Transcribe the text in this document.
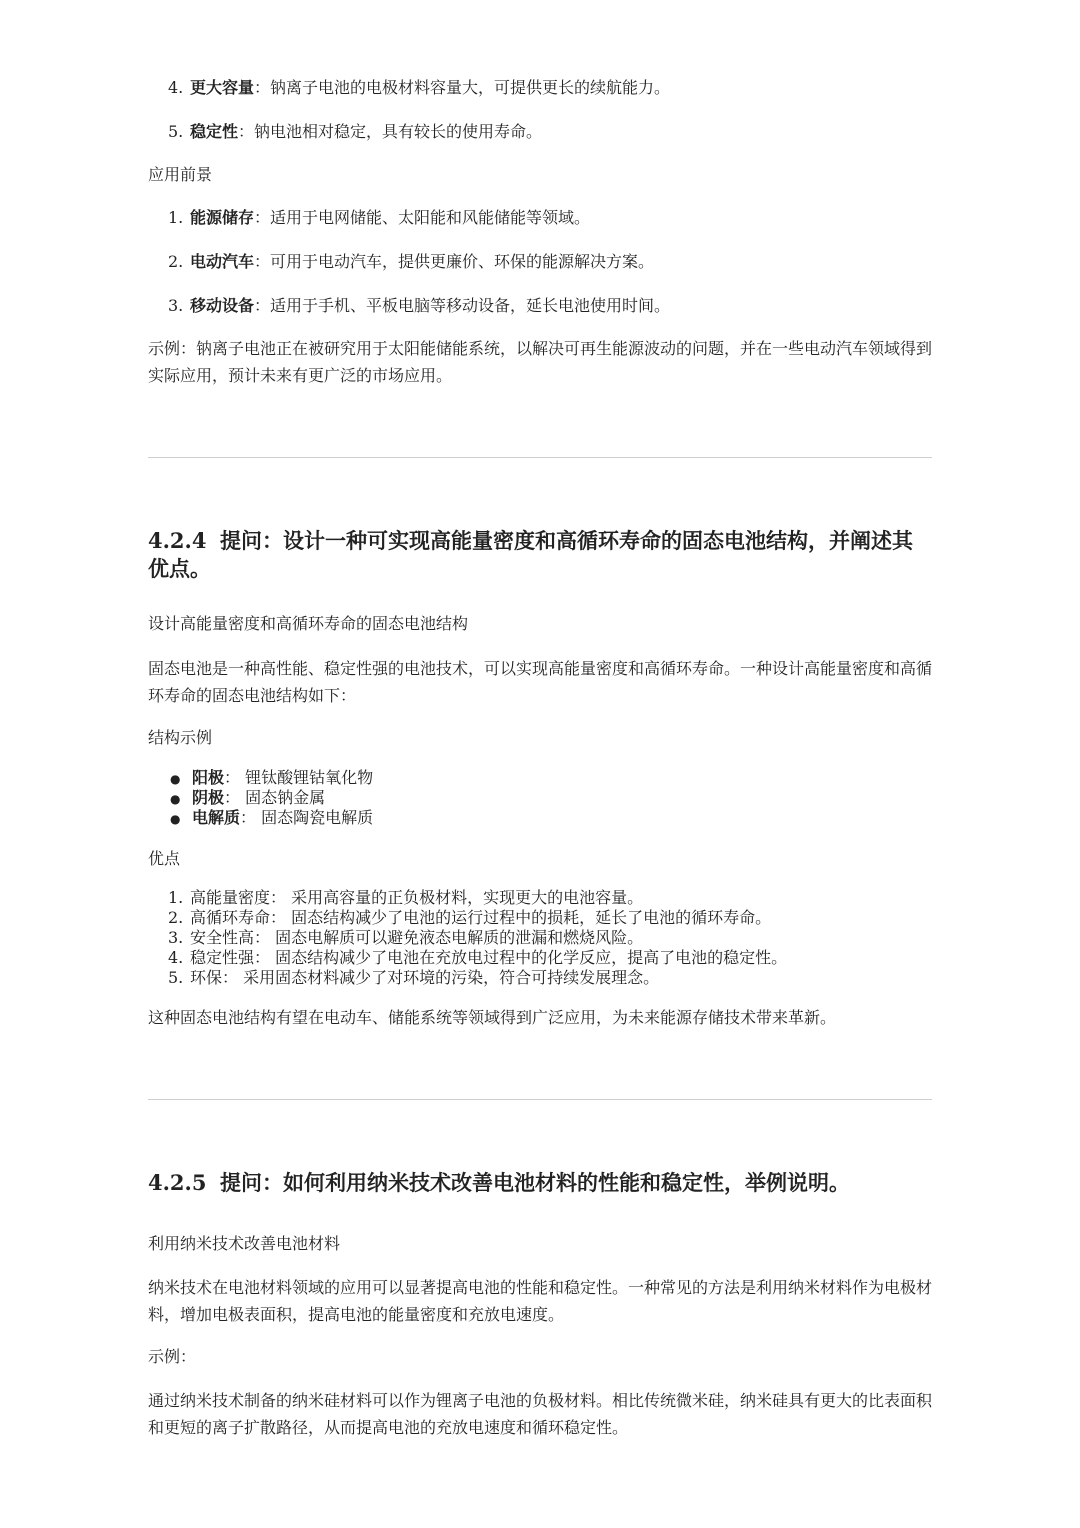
4. 更大容量：钠离子电池的电极材料容量大，可提供更长的续航能力。
5. 稳定性：钠电池相对稳定，具有较长的使用寿命。
应用前景
1. 能源储存：适用于电网储能、太阳能和风能储能等领域。
2. 电动汽车：可用于电动汽车，提供更廉价、环保的能源解决方案。
3. 移动设备：适用于手机、平板电脑等移动设备，延长电池使用时间。
示例：钠离子电池正在被研究用于太阳能储能系统，以解决可再生能源波动的问题，并在一些电动汽车领域得到实际应用，预计未来有更广泛的市场应用。
4.2.4 提问：设计一种可实现高能量密度和高循环寿命的固态电池结构，并阐述其优点。
设计高能量密度和高循环寿命的固态电池结构
固态电池是一种高性能、稳定性强的电池技术，可以实现高能量密度和高循环寿命。一种设计高能量密度和高循环寿命的固态电池结构如下：
结构示例
● 阳极： 锂钛酸锂钴氧化物
● 阴极： 固态钠金属
● 电解质： 固态陶瓷电解质
优点
1. 高能量密度： 采用高容量的正负极材料，实现更大的电池容量。
2. 高循环寿命： 固态结构减少了电池的运行过程中的损耗，延长了电池的循环寿命。
3. 安全性高： 固态电解质可以避免液态电解质的泄漏和燃烧风险。
4. 稳定性强： 固态结构减少了电池在充放电过程中的化学反应，提高了电池的稳定性。
5. 环保： 采用固态材料减少了对环境的污染，符合可持续发展理念。
这种固态电池结构有望在电动车、储能系统等领域得到广泛应用，为未来能源存储技术带来革新。
4.2.5 提问：如何利用纳米技术改善电池材料的性能和稳定性，举例说明。
利用纳米技术改善电池材料
纳米技术在电池材料领域的应用可以显著提高电池的性能和稳定性。一种常见的方法是利用纳米材料作为电极材料，增加电极表面积，提高电池的能量密度和充放电速度。
示例：
通过纳米技术制备的纳米硅材料可以作为锂离子电池的负极材料。相比传统微米硅，纳米硅具有更大的比表面积和更短的离子扩散路径，从而提高电池的充放电速度和循环稳定性。
